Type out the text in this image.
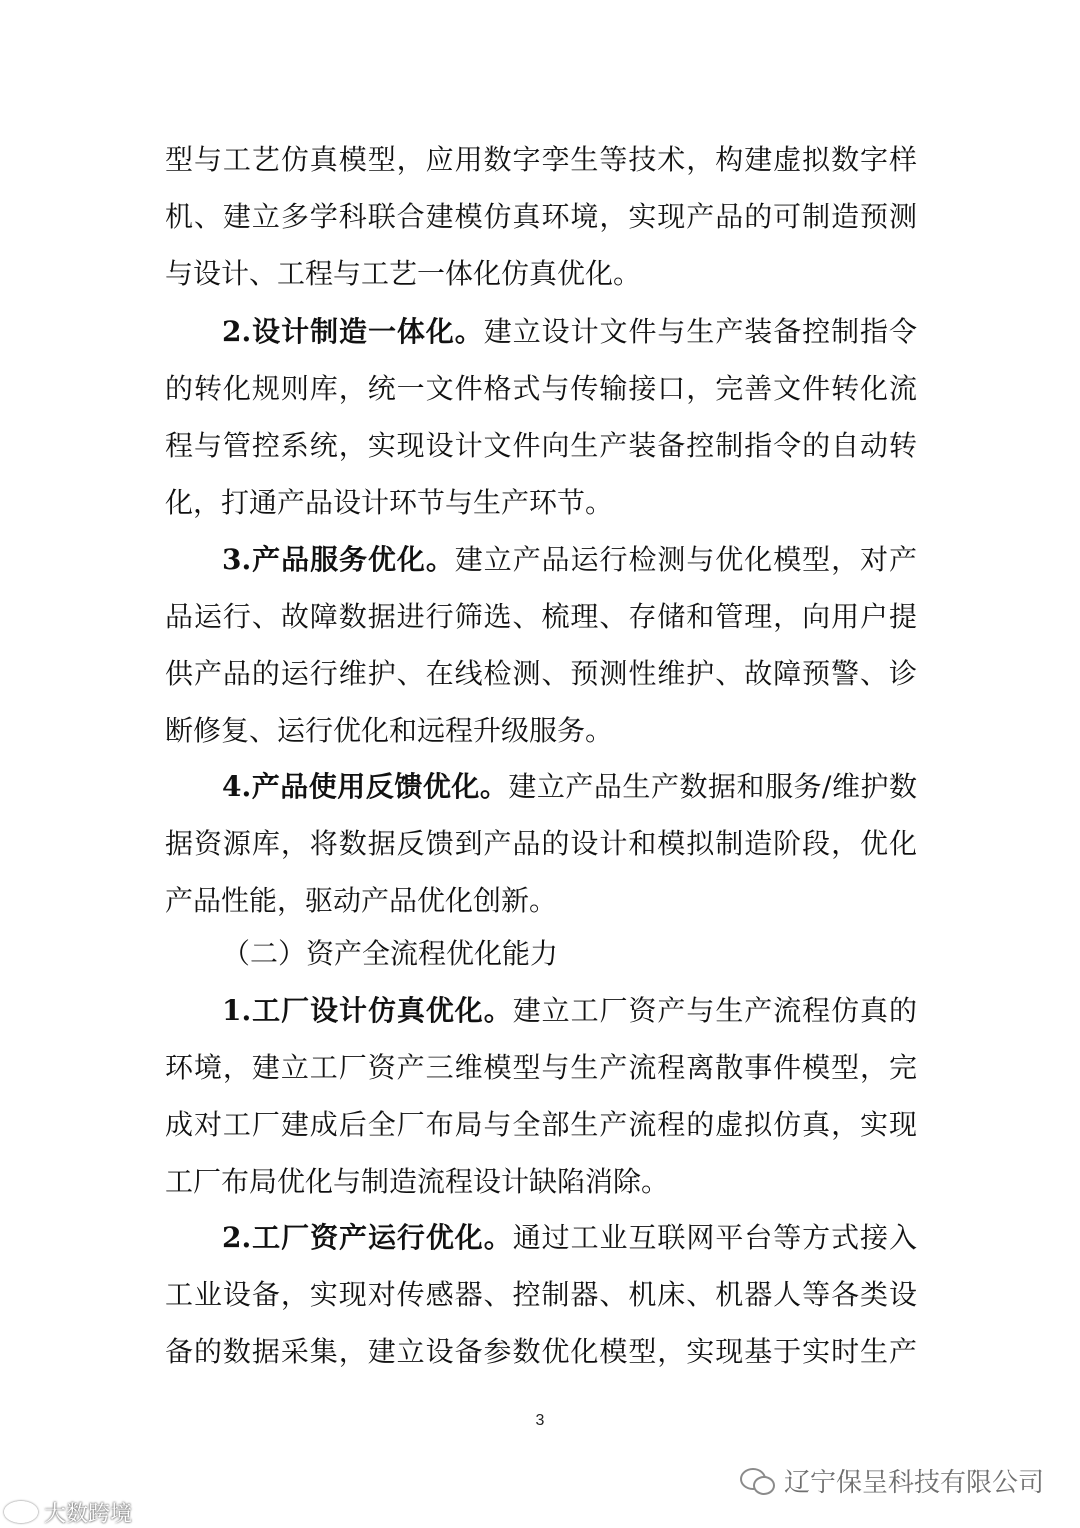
型与工艺仿真模型，应用数字孪生等技术，构建虚拟数字样
机、建立多学科联合建模仿真环境，实现产品的可制造预测
与设计、工程与工艺一体化仿真优化。
2.设计制造一体化。建立设计文件与生产装备控制指令
的转化规则库，统一文件格式与传输接口，完善文件转化流
程与管控系统，实现设计文件向生产装备控制指令的自动转
化，打通产品设计环节与生产环节。
3.产品服务优化。建立产品运行检测与优化模型，对产
品运行、故障数据进行筛选、梳理、存储和管理，向用户提
供产品的运行维护、在线检测、预测性维护、故障预警、诊
断修复、运行优化和远程升级服务。
4.产品使用反馈优化。建立产品生产数据和服务/维护数
据资源库，将数据反馈到产品的设计和模拟制造阶段，优化
产品性能，驱动产品优化创新。
（二）资产全流程优化能力
1.工厂设计仿真优化。建立工厂资产与生产流程仿真的
环境，建立工厂资产三维模型与生产流程离散事件模型，完
成对工厂建成后全厂布局与全部生产流程的虚拟仿真，实现
工厂布局优化与制造流程设计缺陷消除。
2.工厂资产运行优化。通过工业互联网平台等方式接入
工业设备，实现对传感器、控制器、机床、机器人等各类设
备的数据采集，建立设备参数优化模型，实现基于实时生产
3
辽宁保呈科技有限公司
大数跨境
